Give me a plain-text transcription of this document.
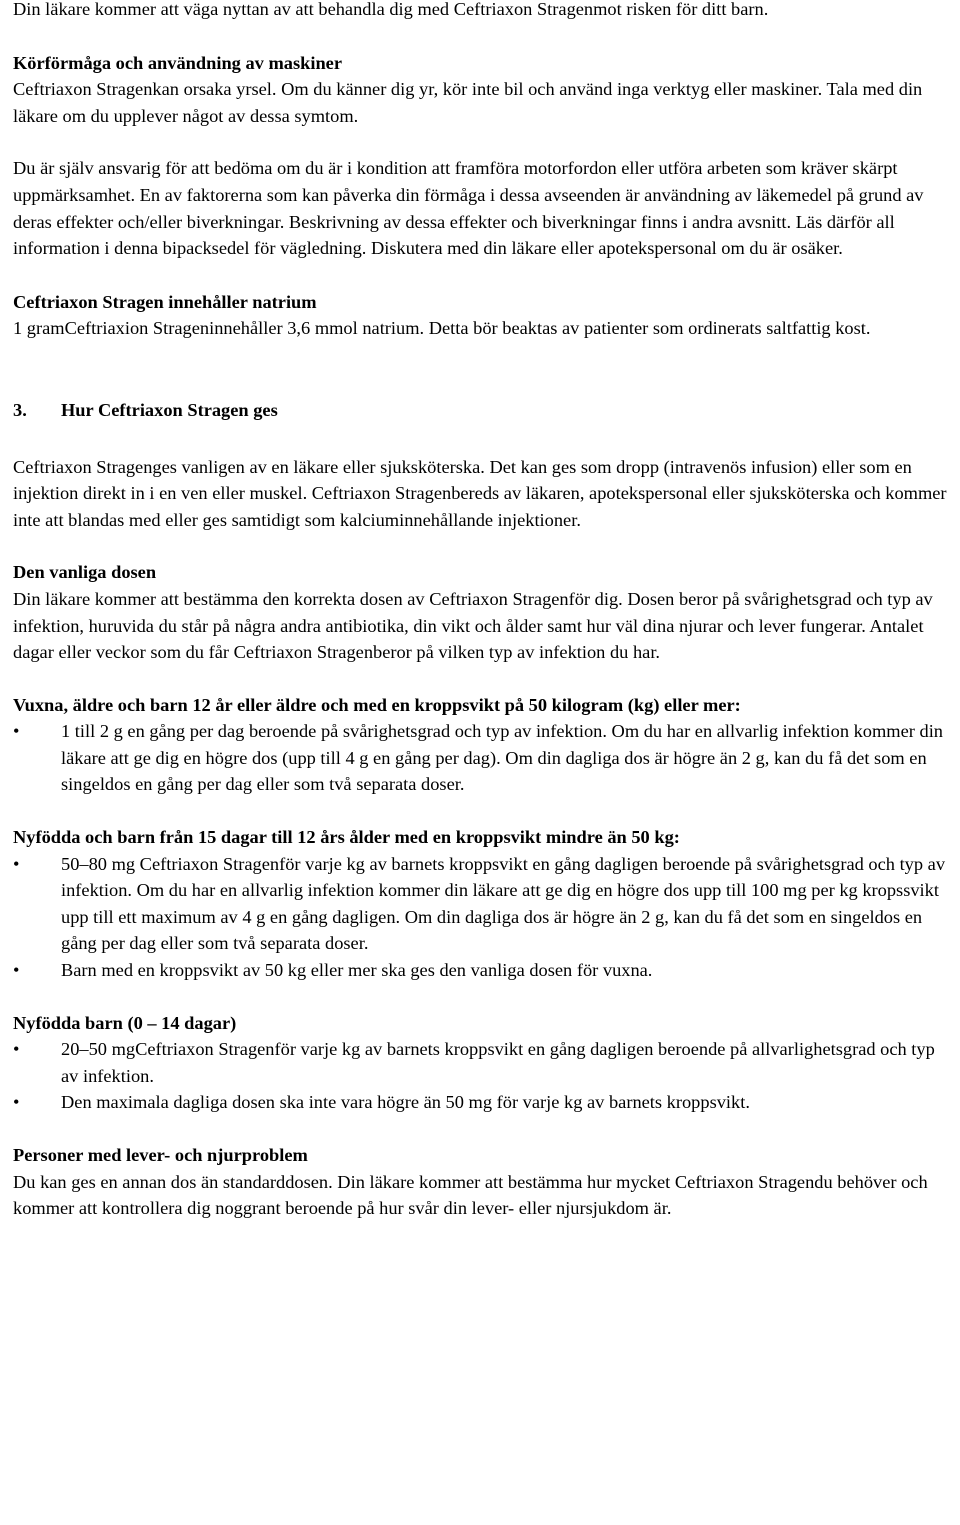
Din läkare kommer att väga nyttan av att behandla dig med Ceftriaxon Stragenmot risken för ditt barn.

Körförmåga och användning av maskiner

Ceftriaxon Stragenkan orsaka yrsel. Om du känner dig yr, kör inte bil och använd inga verktyg eller maskiner. Tala med din läkare om du upplever något av dessa symtom.

Du är själv ansvarig för att bedöma om du är i kondition att framföra motorfordon eller utföra arbeten som kräver skärpt uppmärksamhet. En av faktorerna som kan påverka din förmåga i dessa avseenden är användning av läkemedel på grund av deras effekter och/eller biverkningar. Beskrivning av dessa effekter och biverkningar finns i andra avsnitt. Läs därför all information i denna bipacksedel för vägledning. Diskutera med din läkare eller apotekspersonal om du är osäker.

Ceftriaxon Stragen innehåller natrium

1 gramCeftriaxion Strageninnehåller 3,6 mmol natrium. Detta bör beaktas av patienter som ordinerats saltfattig kost.

3.	Hur Ceftriaxon Stragen ges

Ceftriaxon Stragenges vanligen av en läkare eller sjuksköterska. Det kan ges som dropp (intravenös infusion) eller som en injektion direkt in i en ven eller muskel. Ceftriaxon Stragenbereds av läkaren, apotekspersonal eller sjuksköterska och kommer inte att blandas med eller ges samtidigt som kalciuminnehållande injektioner.

Den vanliga dosen

Din läkare kommer att bestämma den korrekta dosen av Ceftriaxon Stragenför dig. Dosen beror på svårighetsgrad och typ av infektion, huruvida du står på några andra antibiotika, din vikt och ålder samt hur väl dina njurar och lever fungerar. Antalet dagar eller veckor som du får Ceftriaxon Stragenberor på vilken typ av infektion du har.

Vuxna, äldre och barn 12 år eller äldre och med en kroppsvikt på 50 kilogram (kg) eller mer:

• 1 till 2 g en gång per dag beroende på svårighetsgrad och typ av infektion. Om du har en allvarlig infektion kommer din läkare att ge dig en högre dos (upp till 4 g en gång per dag). Om din dagliga dos är högre än 2 g, kan du få det som en singeldos en gång per dag eller som två separata doser.

Nyfödda och barn från 15 dagar till 12 års ålder med en kroppsvikt mindre än 50 kg:

• 50–80 mg Ceftriaxon Stragenför varje kg av barnets kroppsvikt en gång dagligen beroende på svårighetsgrad och typ av infektion. Om du har en allvarlig infektion kommer din läkare att ge dig en högre dos upp till 100 mg per kg kropssvikt upp till ett maximum av 4 g en gång dagligen. Om din dagliga dos är högre än 2 g, kan du få det som en singeldos en gång per dag eller som två separata doser.
• Barn med en kroppsvikt av 50 kg eller mer ska ges den vanliga dosen för vuxna.

Nyfödda barn (0 – 14 dagar)

• 20–50 mgCeftriaxon Stragenför varje kg av barnets kroppsvikt en gång dagligen beroende på allvarlighetsgrad och typ av infektion.
• Den maximala dagliga dosen ska inte vara högre än 50 mg för varje kg av barnets kroppsvikt.

Personer med lever- och njurproblem

Du kan ges en annan dos än standarddosen. Din läkare kommer att bestämma hur mycket Ceftriaxon Stragendu behöver och kommer att kontrollera dig noggrant beroende på hur svår din lever- eller njursjukdom är.
